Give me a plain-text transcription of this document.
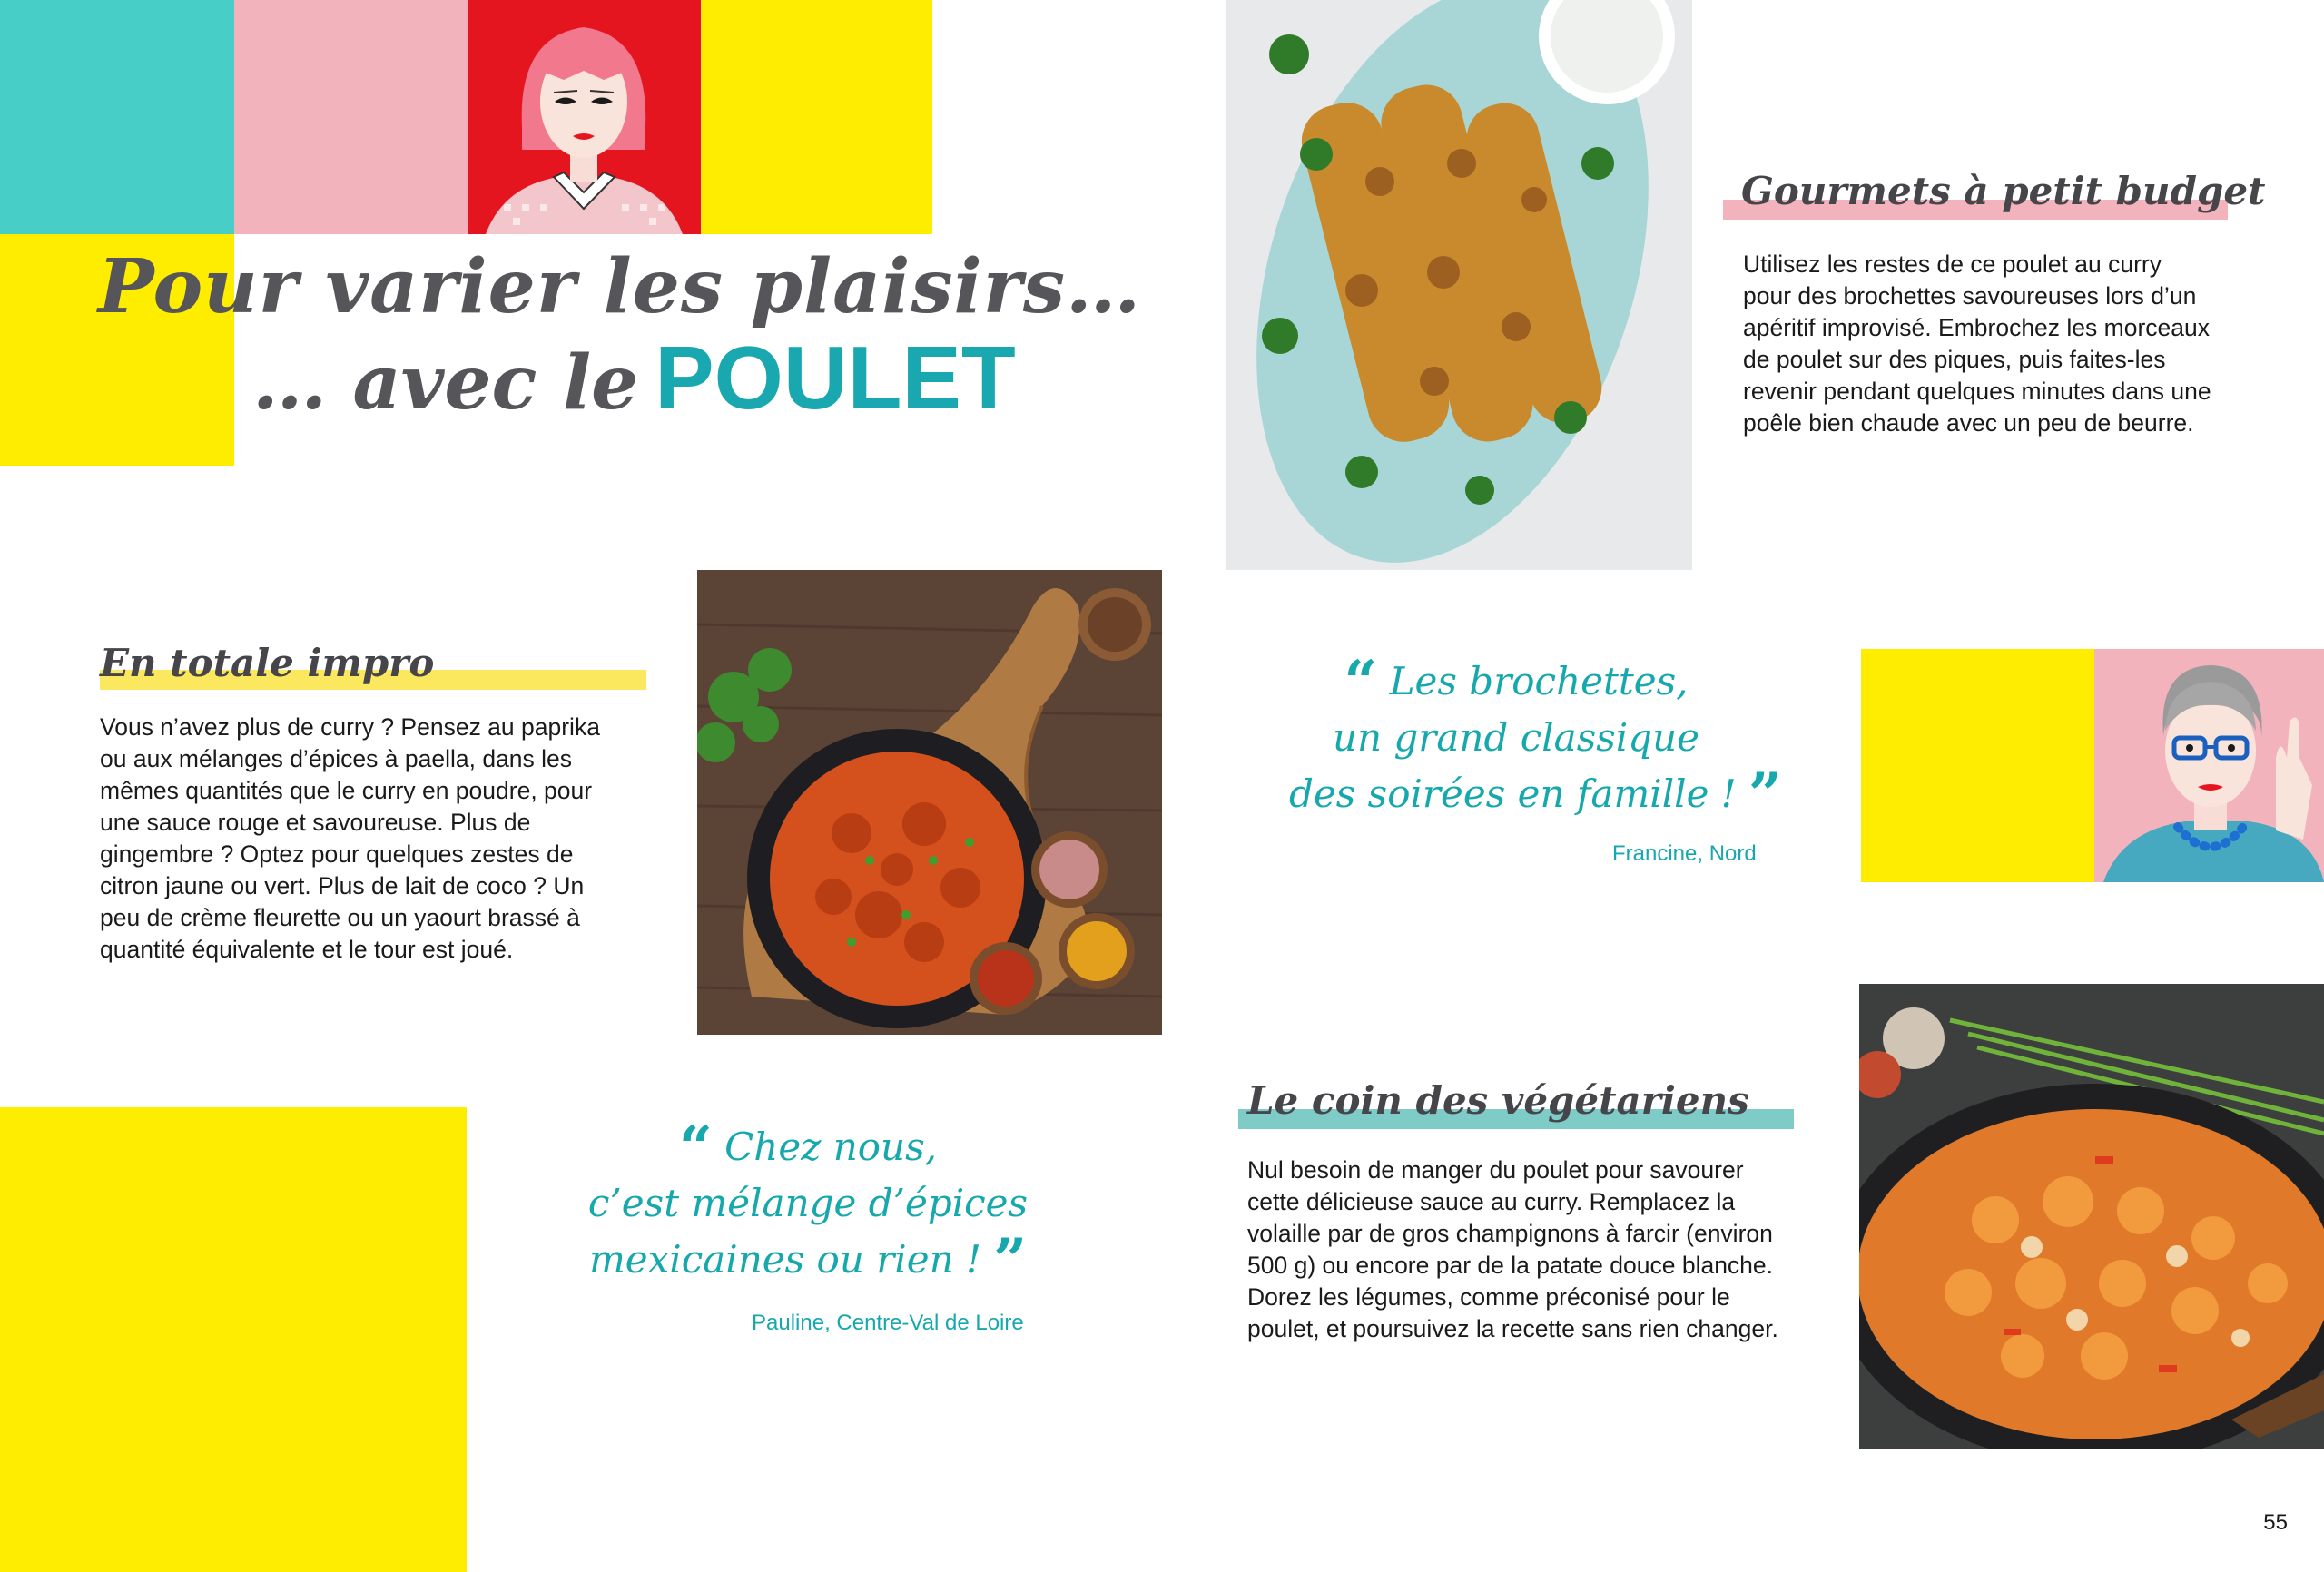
Pour varier les plaisirs…
… avec le POULET
En totale impro
Vous n’avez plus de curry ? Pensez au paprika ou aux mélanges d’épices à paella, dans les mêmes quantités que le curry en poudre, pour une sauce rouge et savoureuse. Plus de gingembre ? Optez pour quelques zestes de citron jaune ou vert. Plus de lait de coco ? Un peu de crème fleurette ou un yaourt brassé à quantité équivalente et le tour est joué.
Gourmets à petit budget
Utilisez les restes de ce poulet au curry pour des brochettes savoureuses lors d’un apéritif improvisé. Embrochez les morceaux de poulet sur des piques, puis faites-les revenir pendant quelques minutes dans une poêle bien chaude avec un peu de beurre.
“ Les brochettes,
un grand classique
des soirées en famille ! ”
Francine, Nord
“ Chez nous,
c’est mélange d’épices
mexicaines ou rien ! ”
Pauline, Centre-Val de Loire
Le coin des végétariens
Nul besoin de manger du poulet pour savourer cette délicieuse sauce au curry. Remplacez la volaille par de gros champignons à farcir (environ 500 g) ou encore par de la patate douce blanche. Dorez les légumes, comme préconisé pour le poulet, et poursuivez la recette sans rien changer.
55
